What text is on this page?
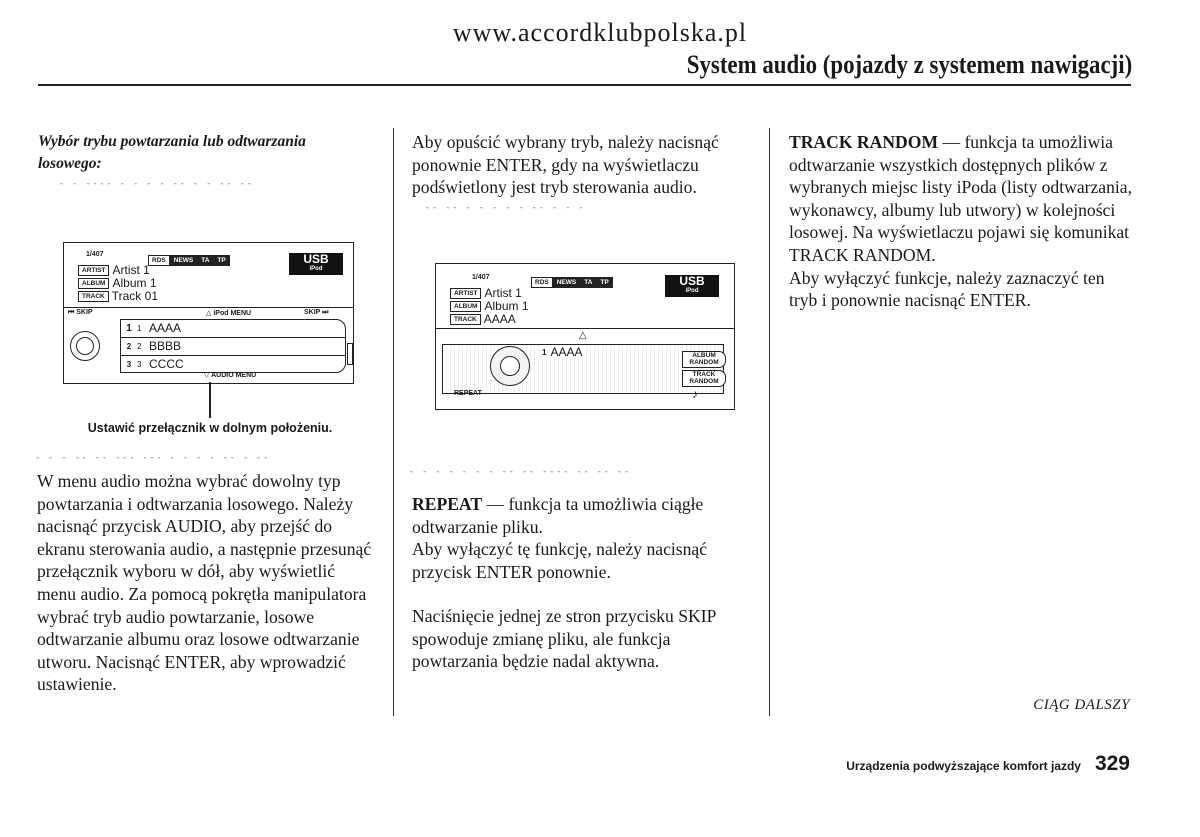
www.accordklubpolska.pl
System audio (pojazdy z systemem nawigacji)
Wybór trybu powtarzania lub odtwarzania losowego:
- - ---- - - - - -- - - -- --
1/407
RDS	NEWS	TA	TP	USB
iPod
ARTIST Artist 1
ALBUM Album 1
TRACK Track 01
⏮ SKIP	△ iPod MENU	SKIP ⏭
1 1 AAAA
2 2 BBBB
3 3 CCCC
▽ AUDIO MENU
Ustawić przełącznik w dolnym położeniu.
- - - -- -- --- --- - - - - -- - --
W menu audio można wybrać dowolny typ powtarzania i odtwarzania losowego. Należy nacisnąć przycisk AUDIO, aby przejść do ekranu sterowania audio, a następnie przesunąć przełącznik wyboru w dół, aby wyświetlić menu audio. Za pomocą pokrętła manipulatora wybrać tryb audio powtarzanie, losowe odtwarzanie albumu oraz losowe odtwarzanie utworu. Nacisnąć ENTER, aby wprowadzić ustawienie.
Aby opuścić wybrany tryb, należy nacisnąć ponownie ENTER, gdy na wyświetlaczu podświetlony jest tryb sterowania audio.
-- -- - - - - - -- - - -
1/407
RDS	NEWS	TA	TP	USB
iPod
ARTIST Artist 1
ALBUM Album 1
TRACK AAAA
△
1 AAAA	ALBUM RANDOM
TRACK RANDOM
REPEAT	♪
- - - - - - - -- -- ---- -- -- --
REPEAT — funkcja ta umożliwia ciągłe odtwarzanie pliku.
Aby wyłączyć tę funkcję, należy nacisnąć przycisk ENTER ponownie.
Naciśnięcie jednej ze stron przycisku SKIP spowoduje zmianę pliku, ale funkcja powtarzania będzie nadal aktywna.
TRACK RANDOM — funkcja ta umożliwia odtwarzanie wszystkich dostępnych plików z wybranych miejsc listy iPoda (listy odtwarzania, wykonawcy, albumy lub utwory) w kolejności losowej. Na wyświetlaczu pojawi się komunikat TRACK RANDOM.
Aby wyłączyć funkcje, należy zaznaczyć ten tryb i ponownie nacisnąć ENTER.
CIĄG DALSZY
Urządzenia podwyższające komfort jazdy 329
